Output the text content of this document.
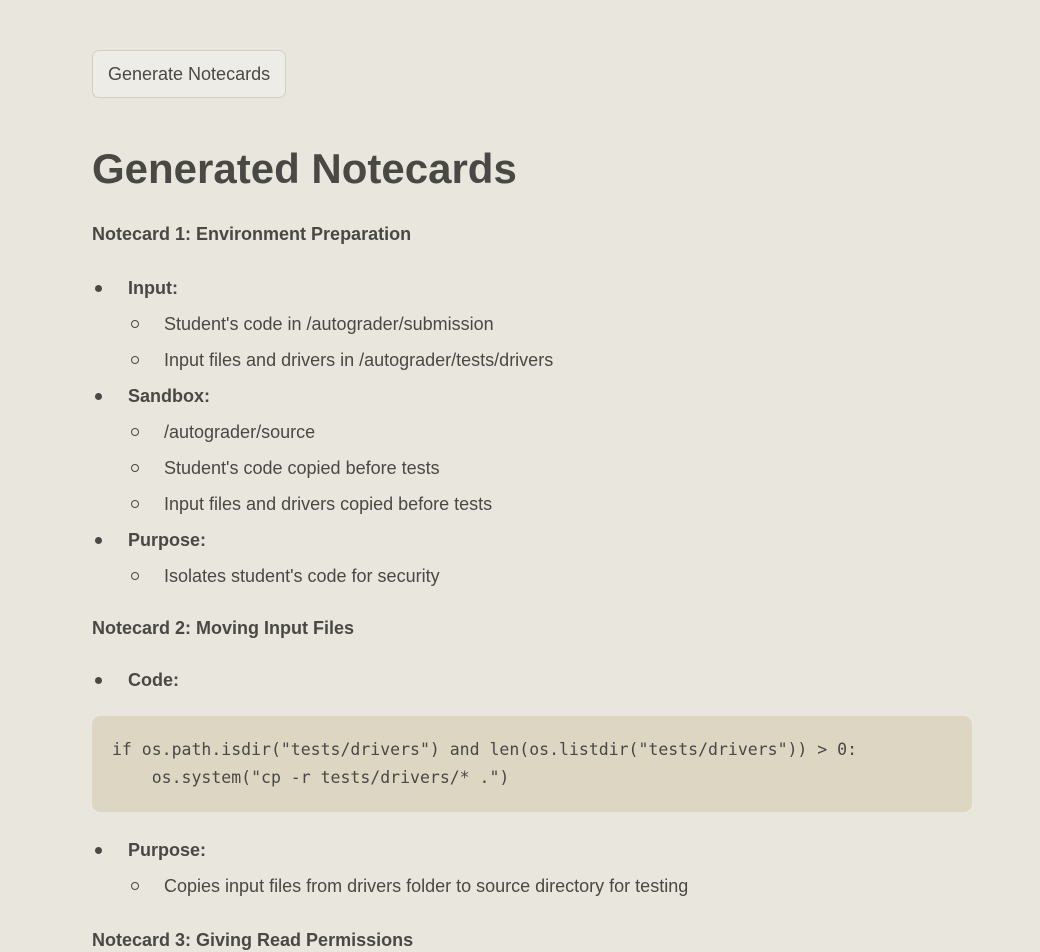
Generate Notecards
Generated Notecards
Notecard 1: Environment Preparation
Input:
Student's code in /autograder/submission
Input files and drivers in /autograder/tests/drivers
Sandbox:
/autograder/source
Student's code copied before tests
Input files and drivers copied before tests
Purpose:
Isolates student's code for security
Notecard 2: Moving Input Files
Code:
if os.path.isdir("tests/drivers") and len(os.listdir("tests/drivers")) > 0:
os.system("cp -r tests/drivers/* .")
Purpose:
Copies input files from drivers folder to source directory for testing
Notecard 3: Giving Read Permissions
